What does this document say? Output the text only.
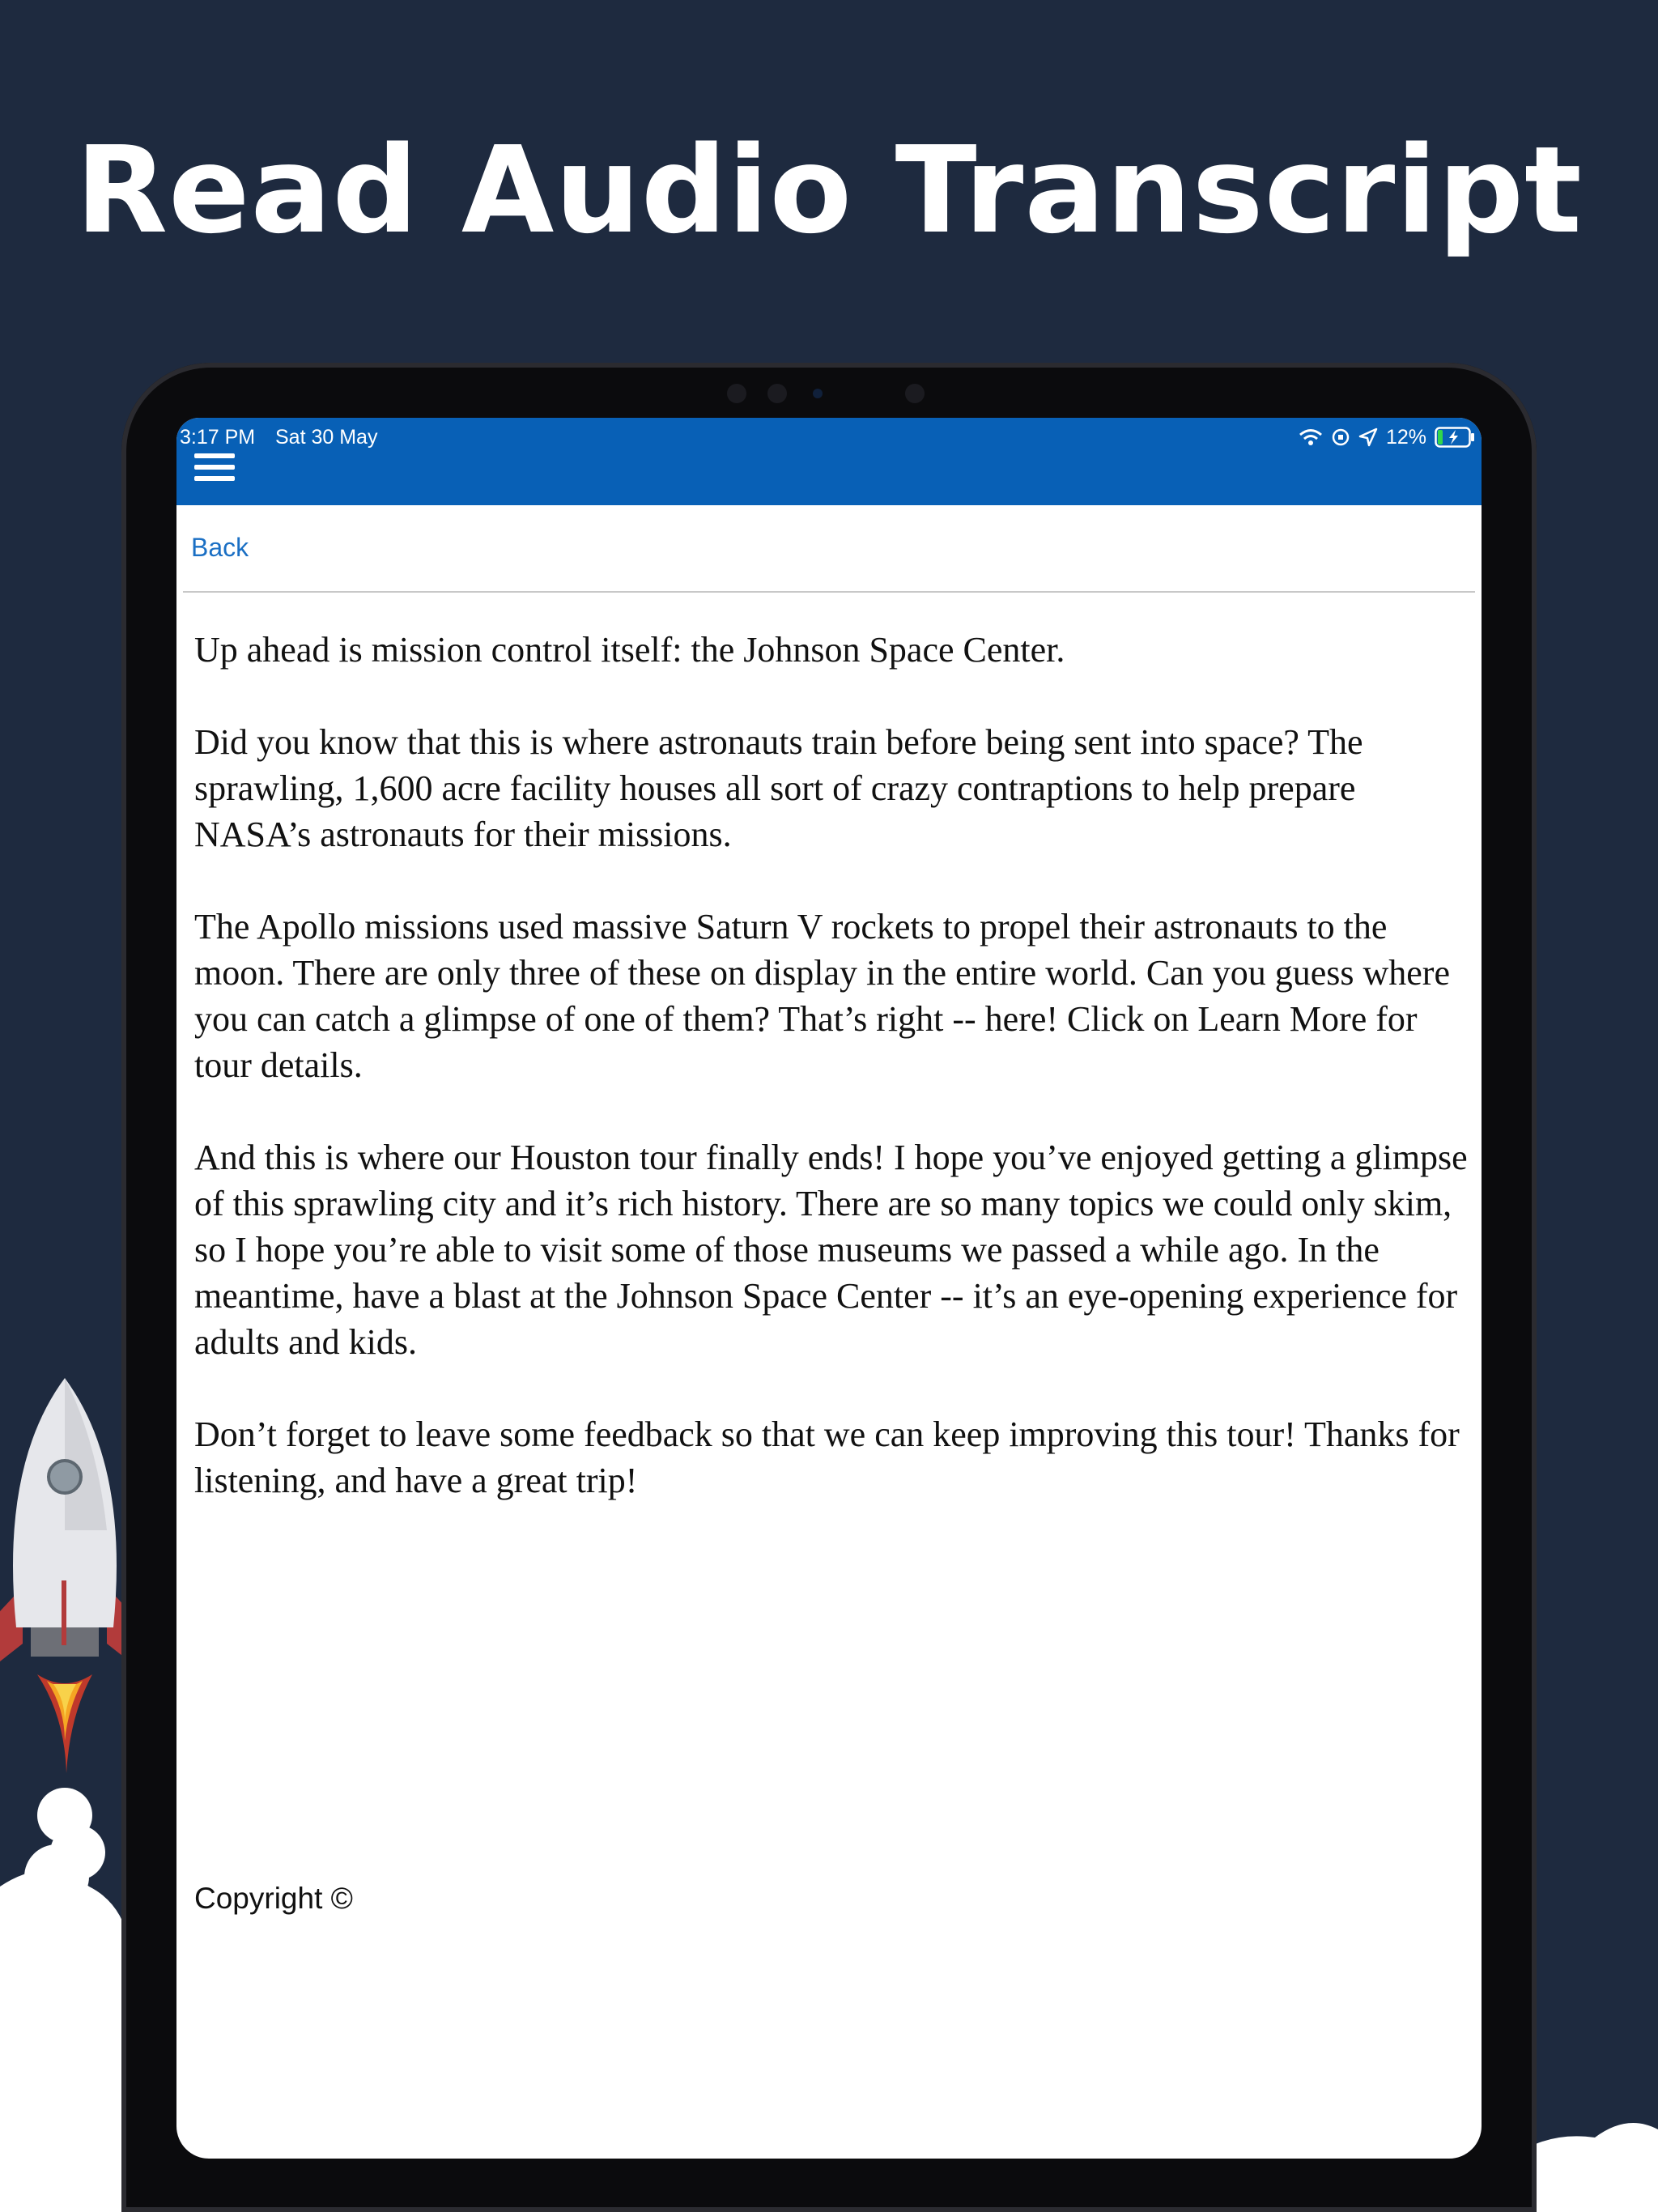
Read Audio Transcript
3:17 PM Sat 30 May	12%
Back

Up ahead is mission control itself: the Johnson Space Center.

Did you know that this is where astronauts train before being sent into space? The sprawling, 1,600 acre facility houses all sort of crazy contraptions to help prepare NASA’s astronauts for their missions.

The Apollo missions used massive Saturn V rockets to propel their astronauts to the moon. There are only three of these on display in the entire world. Can you guess where you can catch a glimpse of one of them? That’s right -- here! Click on Learn More for tour details.

And this is where our Houston tour finally ends! I hope you’ve enjoyed getting a glimpse of this sprawling city and it’s rich history. There are so many topics we could only skim, so I hope you’re able to visit some of those museums we passed a while ago. In the meantime, have a blast at the Johnson Space Center -- it’s an eye-opening experience for adults and kids.

Don’t forget to leave some feedback so that we can keep improving this tour! Thanks for listening, and have a great trip!

Copyright ©
